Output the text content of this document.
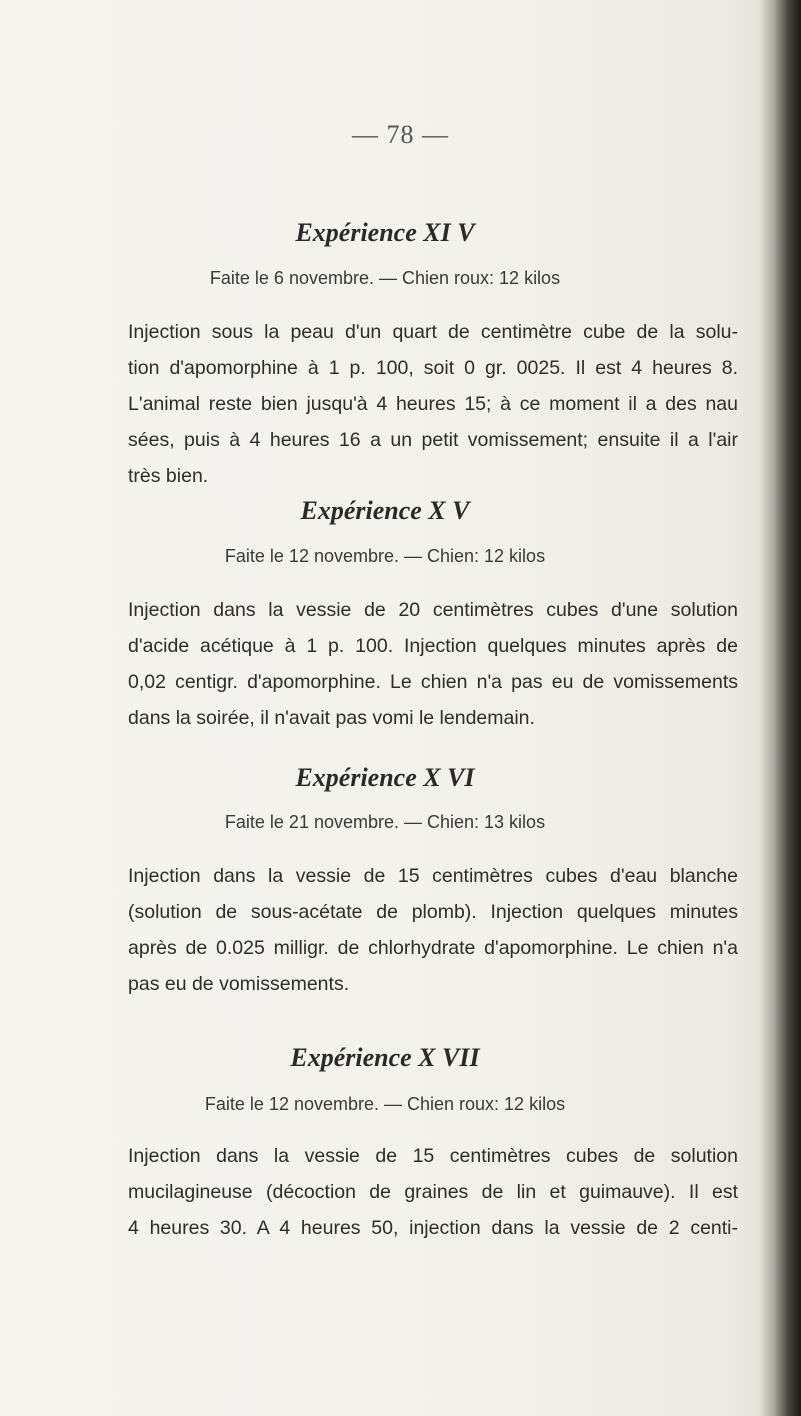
— 78 —
Expérience XI V
Faite le 6 novembre. — Chien roux: 12 kilos
Injection sous la peau d'un quart de centimètre cube de la solu-
tion d'apomorphine à 1 p. 100, soit 0 gr. 0025. Il est 4 heures 8.
L'animal reste bien jusqu'à 4 heures 15; à ce moment il a des nau
sées, puis à 4 heures 16 a un petit vomissement; ensuite il a l'air
très bien.
Expérience X V
Faite le 12 novembre. — Chien: 12 kilos
Injection dans la vessie de 20 centimètres cubes d'une solution
d'acide acétique à 1 p. 100. Injection quelques minutes après de
0,02 centigr. d'apomorphine. Le chien n'a pas eu de vomissements
dans la soirée, il n'avait pas vomi le lendemain.
Expérience X VI
Faite le 21 novembre. — Chien: 13 kilos
Injection dans la vessie de 15 centimètres cubes d'eau blanche
(solution de sous-acétate de plomb). Injection quelques minutes
après de 0.025 milligr. de chlorhydrate d'apomorphine. Le chien n'a
pas eu de vomissements.
Expérience X VII
Faite le 12 novembre. — Chien roux: 12 kilos
Injection dans la vessie de 15 centimètres cubes de solution
mucilagineuse (décoction de graines de lin et guimauve). Il est
4 heures 30. A 4 heures 50, injection dans la vessie de 2 centi-
